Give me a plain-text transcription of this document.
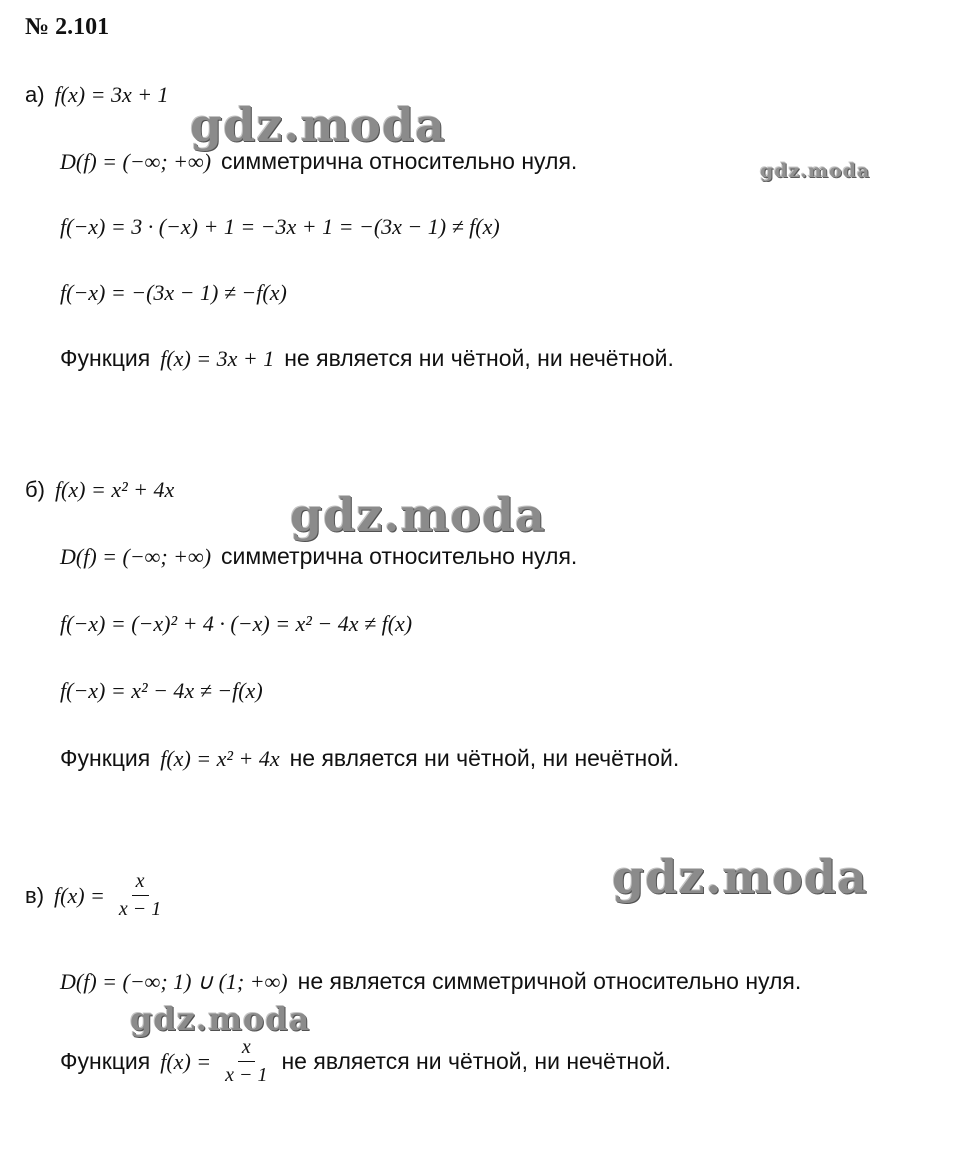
№ 2.101
а) f(x) = 3x + 1
D(f) = (−∞; +∞) симметрична относительно нуля.
f(−x) = 3 · (−x) + 1 = −3x + 1 = −(3x − 1) ≠ f(x)
f(−x) = −(3x − 1) ≠ −f(x)
Функция f(x) = 3x + 1 не является ни чётной, ни нечётной.
б) f(x) = x² + 4x
D(f) = (−∞; +∞) симметрична относительно нуля.
f(−x) = (−x)² + 4 · (−x) = x² − 4x ≠ f(x)
f(−x) = x² − 4x ≠ −f(x)
Функция f(x) = x² + 4x не является ни чётной, ни нечётной.
в) $f(x) = \frac{x}{x - 1}$
D(f) = (−∞; 1) ∪ (1; +∞) не является симметричной относительно нуля.
Функция $f(x) = \frac{x}{x - 1}$ не является ни чётной, ни нечётной.
gdz.moda
gdz.moda
gdz.moda
gdz.moda
gdz.moda
